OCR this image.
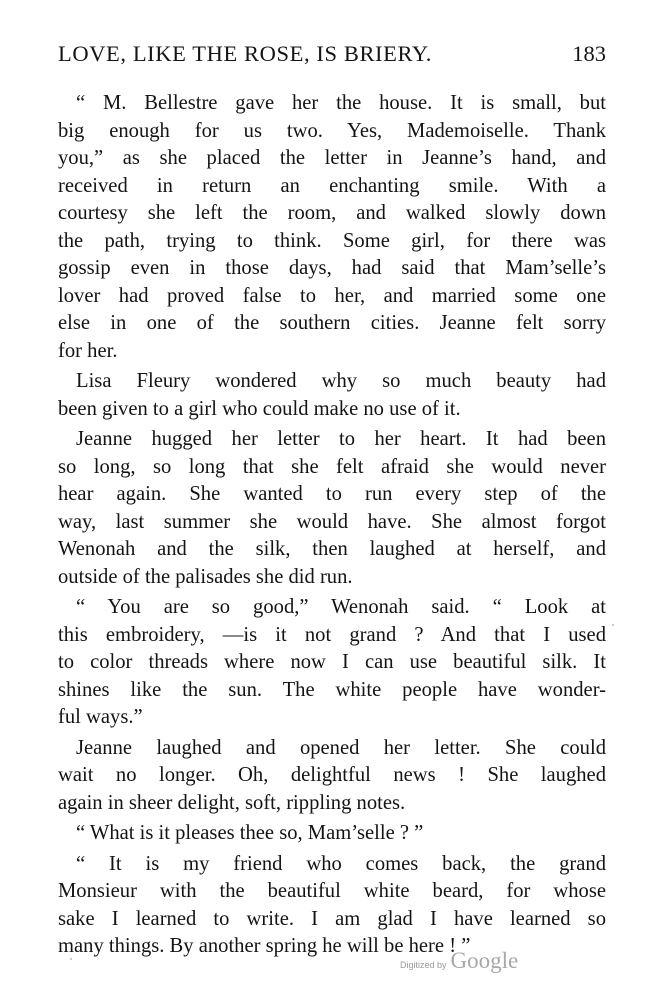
LOVE, LIKE THE ROSE, IS BRIERY.	183
“ M. Bellestre gave her the house. It is small, but
big enough for us two. Yes, Mademoiselle. Thank
you,” as she placed the letter in Jeanne’s hand, and
received in return an enchanting smile. With a
courtesy she left the room, and walked slowly down
the path, trying to think. Some girl, for there was
gossip even in those days, had said that Mam’selle’s
lover had proved false to her, and married some one
else in one of the southern cities. Jeanne felt sorry
for her.
Lisa Fleury wondered why so much beauty had
been given to a girl who could make no use of it.
Jeanne hugged her letter to her heart. It had been
so long, so long that she felt afraid she would never
hear again. She wanted to run every step of the
way, last summer she would have. She almost forgot
Wenonah and the silk, then laughed at herself, and
outside of the palisades she did run.
“ You are so good,” Wenonah said. “ Look at
this embroidery, —is it not grand ? And that I used
to color threads where now I can use beautiful silk. It
shines like the sun. The white people have wonder-
ful ways.”
Jeanne laughed and opened her letter. She could
wait no longer. Oh, delightful news ! She laughed
again in sheer delight, soft, rippling notes.
“ What is it pleases thee so, Mam’selle ? ”
“ It is my friend who comes back, the grand
Monsieur with the beautiful white beard, for whose
sake I learned to write. I am glad I have learned so
many things. By another spring he will be here ! ”
Digitized by Google
